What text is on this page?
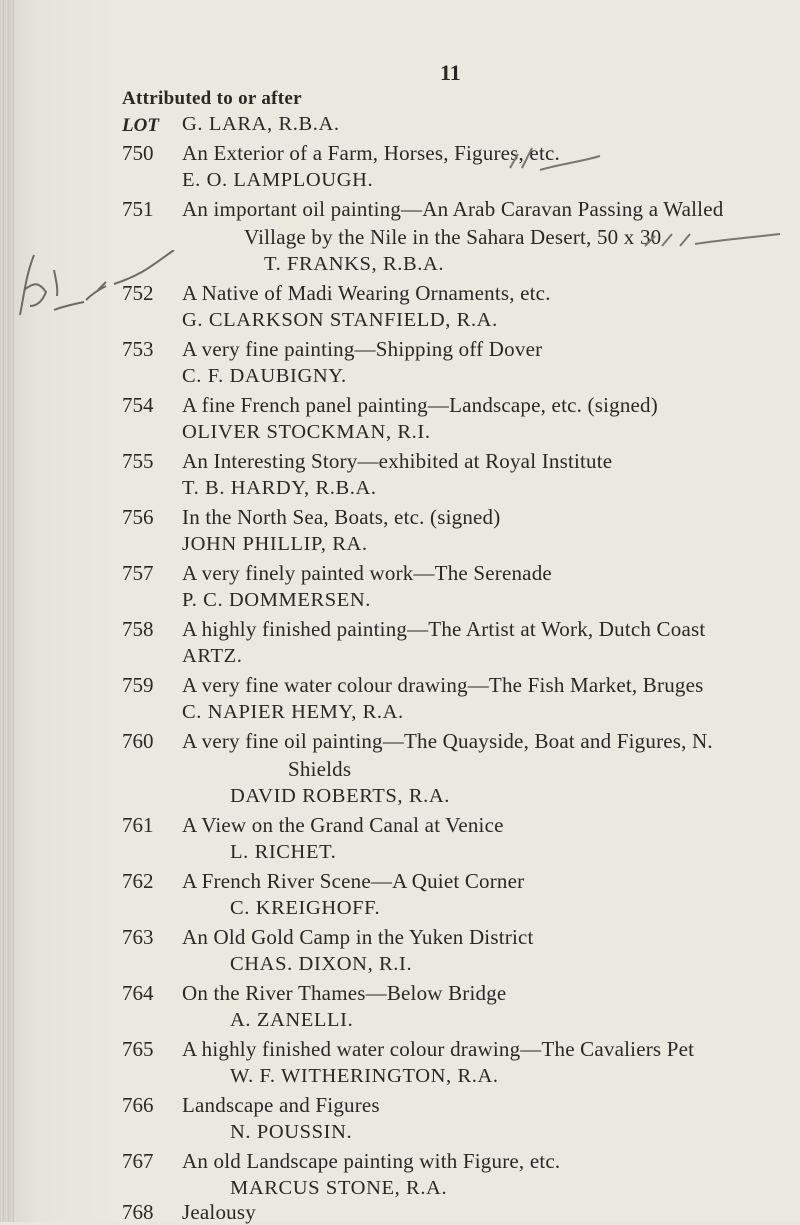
11
Attributed to or after
LOT G. LARA, R.B.A.
750 An Exterior of a Farm, Horses, Figures, etc.
E. O. LAMPLOUGH.
751 An important oil painting—An Arab Caravan Passing a Walled
Village by the Nile in the Sahara Desert, 50 x 30
T. FRANKS, R.B.A.
752 A Native of Madi Wearing Ornaments, etc.
G. CLARKSON STANFIELD, R.A.
753 A very fine painting—Shipping off Dover
C. F. DAUBIGNY.
754 A fine French panel painting—Landscape, etc. (signed)
OLIVER STOCKMAN, R.I.
755 An Interesting Story—exhibited at Royal Institute
T. B. HARDY, R.B.A.
756 In the North Sea, Boats, etc. (signed)
JOHN PHILLIP, RA.
757 A very finely painted work—The Serenade
P. C. DOMMERSEN.
758 A highly finished painting—The Artist at Work, Dutch Coast
ARTZ.
759 A very fine water colour drawing—The Fish Market, Bruges
C. NAPIER HEMY, R.A.
760 A very fine oil painting—The Quayside, Boat and Figures, N.
Shields
DAVID ROBERTS, R.A.
761 A View on the Grand Canal at Venice
L. RICHET.
762 A French River Scene—A Quiet Corner
C. KREIGHOFF.
763 An Old Gold Camp in the Yuken District
CHAS. DIXON, R.I.
764 On the River Thames—Below Bridge
A. ZANELLI.
765 A highly finished water colour drawing—The Cavaliers Pet
W. F. WITHERINGTON, R.A.
766 Landscape and Figures
N. POUSSIN.
767 An old Landscape painting with Figure, etc.
MARCUS STONE, R.A.
768 Jealousy
